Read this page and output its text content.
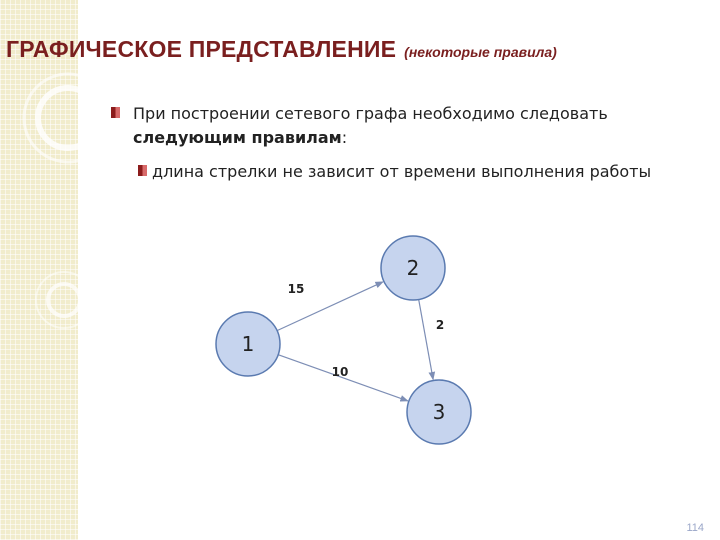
ГРАФИЧЕСКОЕ ПРЕДСТАВЛЕНИЕ (некоторые правила)
При построении сетевого графа необходимо следовать
следующим правилам:
длина стрелки не зависит от времени выполнения работы
15
2
10
1
2
3
114
